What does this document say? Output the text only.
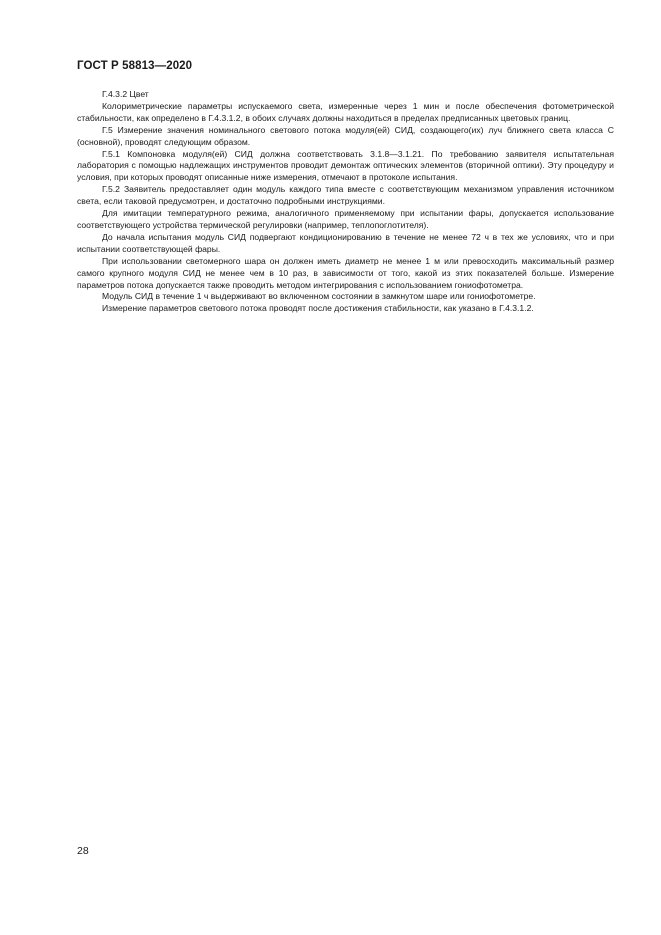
ГОСТ Р 58813—2020

Г.4.3.2 Цвет

Колориметрические параметры испускаемого света, измеренные через 1 мин и после обеспечения фотометрической стабильности, как определено в Г.4.3.1.2, в обоих случаях должны находиться в пределах предписанных цветовых границ.

Г.5 Измерение значения номинального светового потока модуля(ей) СИД, создающего(их) луч ближнего света класса С (основной), проводят следующим образом.

Г.5.1 Компоновка модуля(ей) СИД должна соответствовать 3.1.8—3.1.21. По требованию заявителя испытательная лаборатория с помощью надлежащих инструментов проводит демонтаж оптических элементов (вторичной оптики). Эту процедуру и условия, при которых проводят описанные ниже измерения, отмечают в протоколе испытания.

Г.5.2 Заявитель предоставляет один модуль каждого типа вместе с соответствующим механизмом управления источником света, если таковой предусмотрен, и достаточно подробными инструкциями.

Для имитации температурного режима, аналогичного применяемому при испытании фары, допускается использование соответствующего устройства термической регулировки (например, теплопоглотителя).

До начала испытания модуль СИД подвергают кондиционированию в течение не менее 72 ч в тех же условиях, что и при испытании соответствующей фары.

При использовании светомерного шара он должен иметь диаметр не менее 1 м или превосходить максимальный размер самого крупного модуля СИД не менее чем в 10 раз, в зависимости от того, какой из этих показателей больше. Измерение параметров потока допускается также проводить методом интегрирования с использованием гониофотометра.

Модуль СИД в течение 1 ч выдерживают во включенном состоянии в замкнутом шаре или гониофотометре.

Измерение параметров светового потока проводят после достижения стабильности, как указано в Г.4.3.1.2.

28
